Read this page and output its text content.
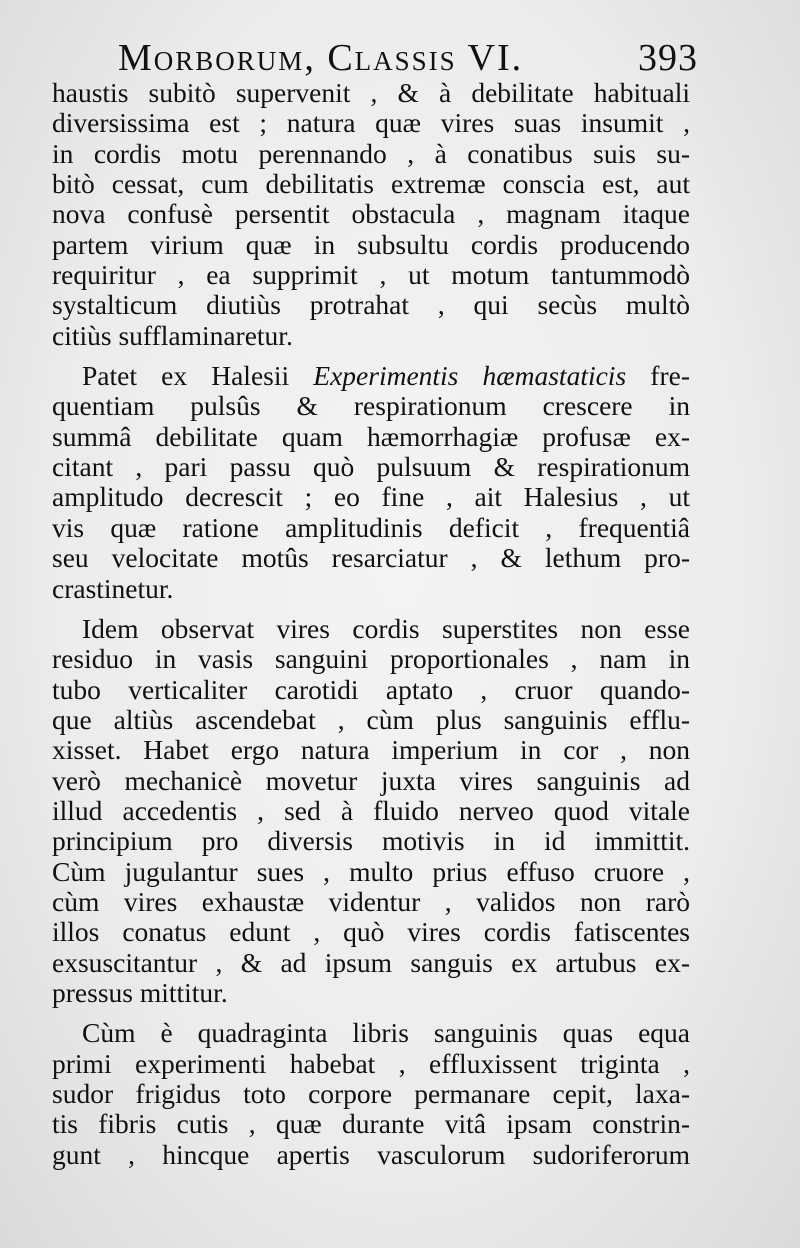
Morborum, Classis VI.	393
haustis subitò supervenit , & à debilitate habituali
diversissima est ; natura quæ vires suas insumit ,
in cordis motu perennando , à conatibus suis su-
bitò cessat, cum debilitatis extremæ conscia est, aut
nova confusè persentit obstacula , magnam itaque
partem virium quæ in subsultu cordis producendo
requiritur , ea supprimit , ut motum tantummodò
systalticum diutiùs protrahat , qui secùs multò
citiùs sufflaminaretur.
Patet ex Halesii Experimentis hæmastaticis fre-
quentiam pulsûs & respirationum crescere in
summâ debilitate quam hæmorrhagiæ profusæ ex-
citant , pari passu quò pulsuum & respirationum
amplitudo decrescit ; eo fine , ait Halesius , ut
vis quæ ratione amplitudinis deficit , frequentiâ
seu velocitate motûs resarciatur , & lethum pro-
crastinetur.
Idem observat vires cordis superstites non esse
residuo in vasis sanguini proportionales , nam in
tubo verticaliter carotidi aptato , cruor quando-
que altiùs ascendebat , cùm plus sanguinis efflu-
xisset. Habet ergo natura imperium in cor , non
verò mechanicè movetur juxta vires sanguinis ad
illud accedentis , sed à fluido nerveo quod vitale
principium pro diversis motivis in id immittit.
Cùm jugulantur sues , multo prius effuso cruore ,
cùm vires exhaustæ videntur , validos non rarò
illos conatus edunt , quò vires cordis fatiscentes
exsuscitantur , & ad ipsum sanguis ex artubus ex-
pressus mittitur.
Cùm è quadraginta libris sanguinis quas equa
primi experimenti habebat , effluxissent triginta ,
sudor frigidus toto corpore permanare cepit, laxa-
tis fibris cutis , quæ durante vitâ ipsam constrin-
gunt , hincque apertis vasculorum sudoriferorum
